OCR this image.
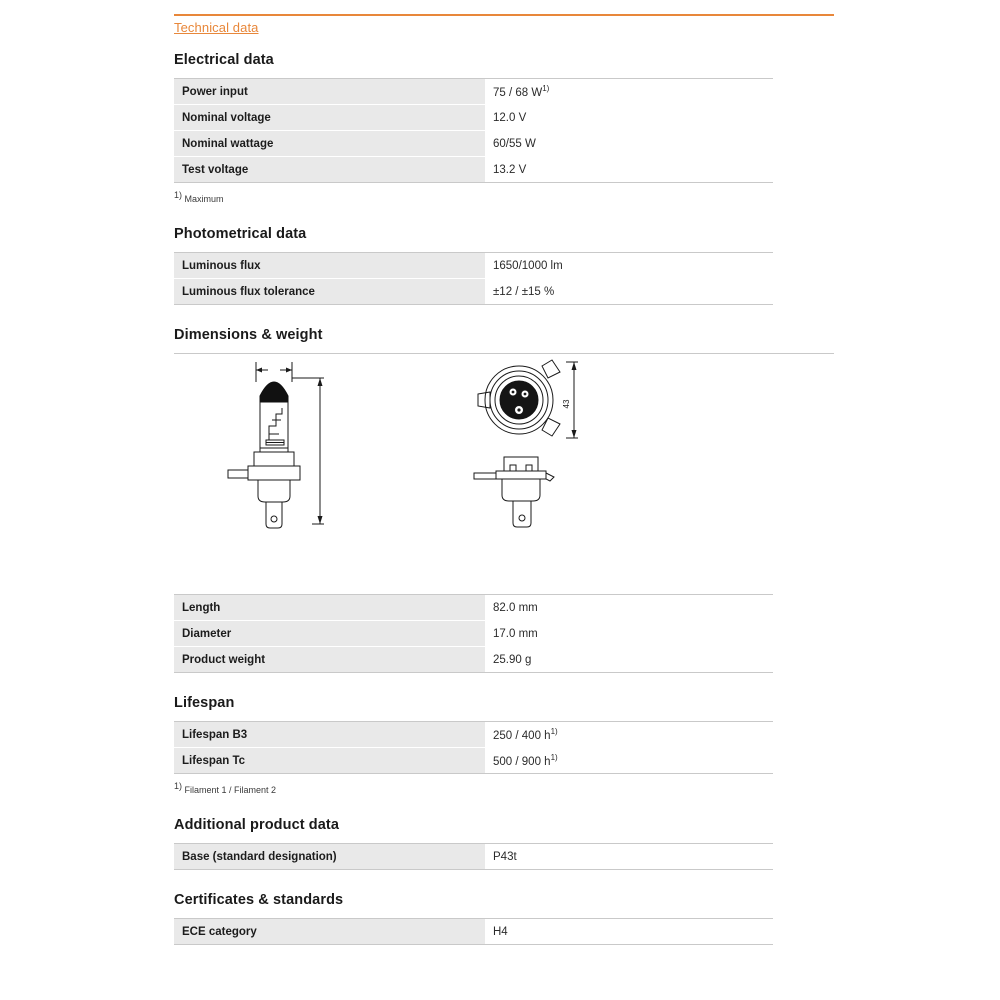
Technical data
Electrical data
Power input	75 / 68 W$^{1)}$
Nominal voltage	12.0 V
Nominal wattage	60/55 W
Test voltage	13.2 V

1) Maximum

Photometrical data
Luminous flux	1650/1000 lm
Luminous flux tolerance	±12 / ±15 %
Dimensions & weight
43
Length	82.0 mm
Diameter	17.0 mm
Product weight	25.90 g
Lifespan
Lifespan B3	250 / 400 h$^{1)}$
Lifespan Tc	500 / 900 h$^{1)}$

1) Filament 1 / Filament 2

Additional product data
Base (standard designation)	P43t
Certificates & standards
ECE category	H4
